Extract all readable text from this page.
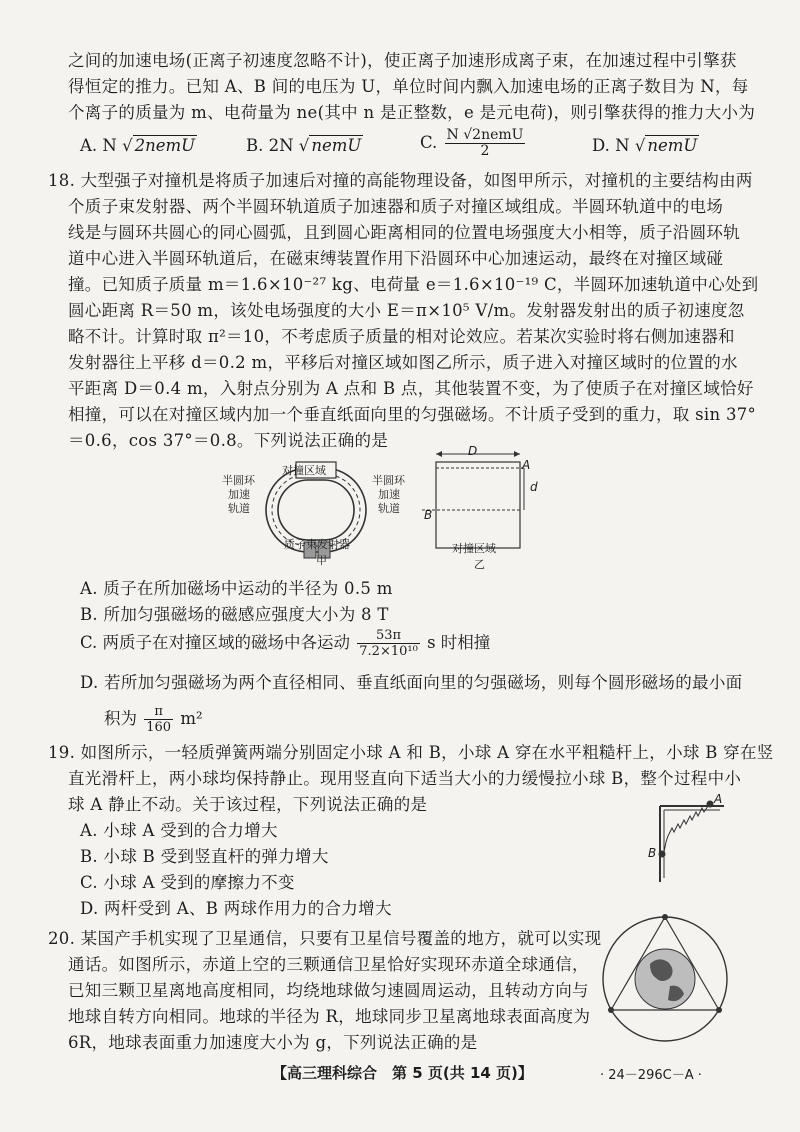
之间的加速电场(正离子初速度忽略不计)，使正离子加速形成离子束，在加速过程中引擎获
得恒定的推力。已知 A、B 间的电压为 U，单位时间内飘入加速电场的正离子数目为 N，每
个离子的质量为 m、电荷量为 ne(其中 n 是正整数，e 是元电荷)，则引擎获得的推力大小为
A. N √ 2nemU	B. 2N √ nemU	C. $\frac{\text{N √2nemU}}{2}$	D. N √ nemU
18. 大型强子对撞机是将质子加速后对撞的高能物理设备，如图甲所示，对撞机的主要结构由两
个质子束发射器、两个半圆环轨道质子加速器和质子对撞区域组成。半圆环轨道中的电场
线是与圆环共圆心的同心圆弧，且到圆心距离相同的位置电场强度大小相等，质子沿圆环轨
道中心进入半圆环轨道后，在磁束缚装置作用下沿圆环中心加速运动，最终在对撞区域碰
撞。已知质子质量 m＝1.6×10⁻²⁷ kg、电荷量 e＝1.6×10⁻¹⁹ C，半圆环加速轨道中心处到
圆心距离 R＝50 m，该处电场强度的大小 E＝π×10⁵ V/m。发射器发射出的质子初速度忽
略不计。计算时取 π²＝10，不考虑质子质量的相对论效应。若某次实验时将右侧加速器和
发射器往上平移 d＝0.2 m，平移后对撞区域如图乙所示，质子进入对撞区域时的位置的水
平距离 D＝0.4 m，入射点分别为 A 点和 B 点，其他装置不变，为了使质子在对撞区域恰好
相撞，可以在对撞区域内加一个垂直纸面向里的匀强磁场。不计质子受到的重力，取 sin 37°
＝0.6，cos 37°＝0.8。下列说法正确的是
对撞区域
半圆环
加速
轨道
半圆环
加速
轨道
质子束发射器
甲
D
A
d
B
对撞区域
乙
A. 质子在所加磁场中运动的半径为 0.5 m
B. 所加匀强磁场的磁感应强度大小为 8 T
C. 两质子在对撞区域的磁场中各运动 $\frac{53\pi}{\text{7.2×10¹⁰}}$ s 时相撞
D. 若所加匀强磁场为两个直径相同、垂直纸面向里的匀强磁场，则每个圆形磁场的最小面
积为 $\frac{\pi}{160} m^2$
19. 如图所示，一轻质弹簧两端分别固定小球 A 和 B，小球 A 穿在水平粗糙杆上，小球 B 穿在竖
直光滑杆上，两小球均保持静止。现用竖直向下适当大小的力缓慢拉小球 B，整个过程中小
球 A 静止不动。关于该过程，下列说法正确的是
A. 小球 A 受到的合力增大
B. 小球 B 受到竖直杆的弹力增大
C. 小球 A 受到的摩擦力不变
D. 两杆受到 A、B 两球作用力的合力增大
A
B
20. 某国产手机实现了卫星通信，只要有卫星信号覆盖的地方，就可以实现
通话。如图所示，赤道上空的三颗通信卫星恰好实现环赤道全球通信，
已知三颗卫星离地高度相同，均绕地球做匀速圆周运动，且转动方向与
地球自转方向相同。地球的半径为 R，地球同步卫星离地球表面高度为
6R，地球表面重力加速度大小为 g，下列说法正确的是
【高三理科综合　第 5 页(共 14 页)】	· 24－296C－A ·
